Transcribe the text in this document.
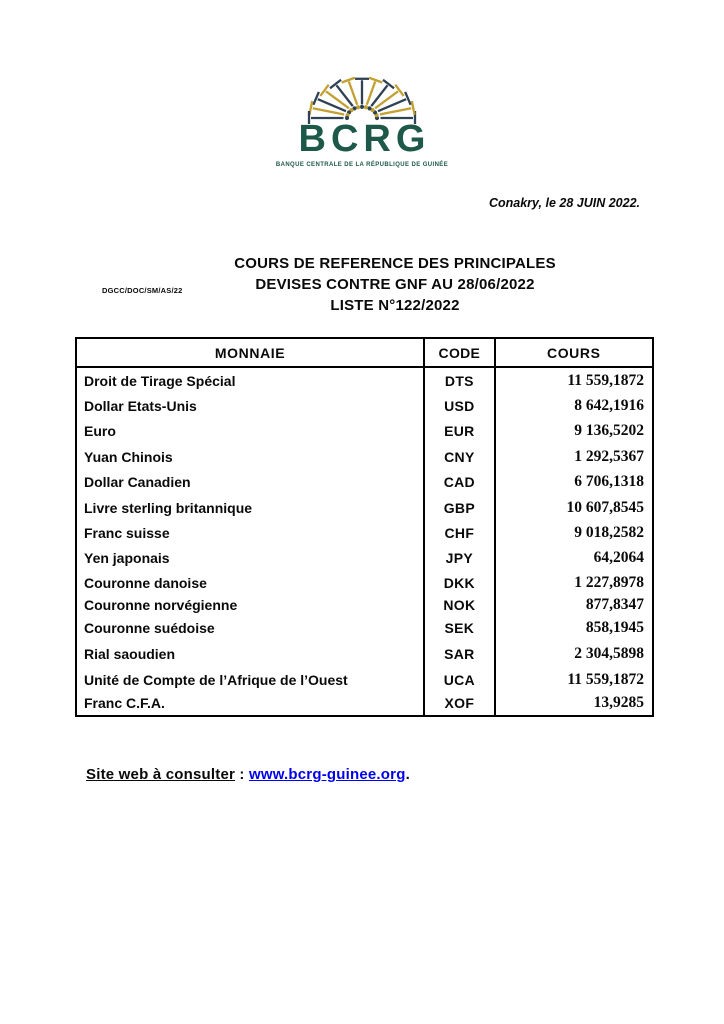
BCRG
BANQUE CENTRALE DE LA RÉPUBLIQUE DE GUINÉE
Conakry, le 28 JUIN 2022.
DGCC/DOC/SM/AS/22
COURS DE REFERENCE DES PRINCIPALES
DEVISES CONTRE GNF AU 28/06/2022
LISTE N°122/2022
MONNAIE	CODE	COURS
Droit de Tirage Spécial	DTS	11 559,1872
Dollar Etats-Unis	USD	8 642,1916
Euro	EUR	9 136,5202
Yuan Chinois	CNY	1 292,5367
Dollar Canadien	CAD	6 706,1318
Livre sterling britannique	GBP	10 607,8545
Franc suisse	CHF	9 018,2582
Yen japonais	JPY	64,2064
Couronne danoise	DKK	1 227,8978
Couronne norvégienne	NOK	877,8347
Couronne suédoise	SEK	858,1945
Rial saoudien	SAR	2 304,5898
Unité de Compte de l’Afrique de l’Ouest	UCA	11 559,1872
Franc C.F.A.	XOF	13,9285
Site web à consulter : www.bcrg-guinee.org.
